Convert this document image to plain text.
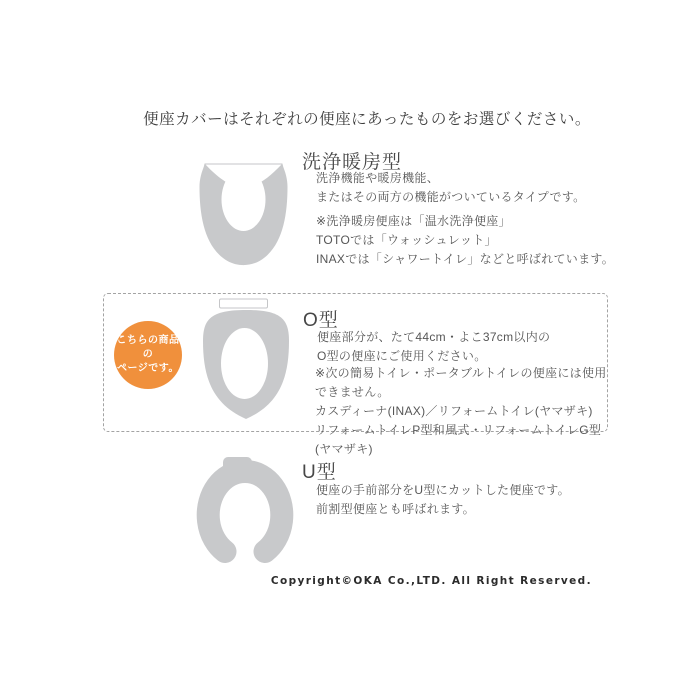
便座カバーはそれぞれの便座にあったものをお選びください。
洗浄暖房型
洗浄機能や暖房機能、
またはその両方の機能がついているタイプです。
※洗浄暖房便座は「温水洗浄便座」
TOTOでは「ウォッシュレット」
INAXでは「シャワートイレ」などと呼ばれています。
こちらの商品の
ページです。
O型
便座部分が、たて44cm・よこ37cm以内の
O型の便座にご使用ください。
※次の簡易トイレ・ポータブルトイレの便座には使用できません。
カスディーナ(INAX)／リフォームトイレ(ヤマザキ)
リフォームトイレP型和風式・リフォームトイレG型(ヤマザキ)
U型
便座の手前部分をU型にカットした便座です。
前割型便座とも呼ばれます。
Copyright©OKA Co.,LTD. All Right Reserved.
